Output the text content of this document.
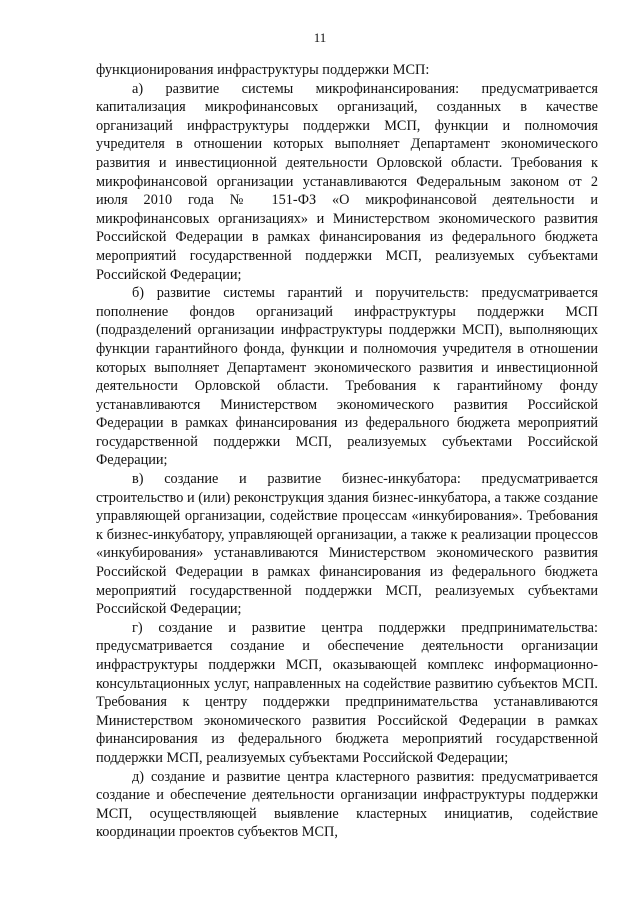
11

функционирования инфраструктуры поддержки МСП:

а) развитие системы микрофинансирования: предусматривается капитализация микрофинансовых организаций, созданных в качестве организаций инфраструктуры поддержки МСП, функции и полномочия учредителя в отношении которых выполняет Департамент экономического развития и инвестиционной деятельности Орловской области. Требования к микрофинансовой организации устанавливаются Федеральным законом от 2 июля 2010 года № 151-ФЗ «О микрофинансовой деятельности и микрофинансовых организациях» и Министерством экономического развития Российской Федерации в рамках финансирования из федерального бюджета мероприятий государственной поддержки МСП, реализуемых субъектами Российской Федерации;

б) развитие системы гарантий и поручительств: предусматривается пополнение фондов организаций инфраструктуры поддержки МСП (подразделений организации инфраструктуры поддержки МСП), выполняющих функции гарантийного фонда, функции и полномочия учредителя в отношении которых выполняет Департамент экономического развития и инвестиционной деятельности Орловской области. Требования к гарантийному фонду устанавливаются Министерством экономического развития Российской Федерации в рамках финансирования из федерального бюджета мероприятий государственной поддержки МСП, реализуемых субъектами Российской Федерации;

в) создание и развитие бизнес-инкубатора: предусматривается строительство и (или) реконструкция здания бизнес-инкубатора, а также создание управляющей организации, содействие процессам «инкубирования». Требования к бизнес-инкубатору, управляющей организации, а также к реализации процессов «инкубирования» устанавливаются Министерством экономического развития Российской Федерации в рамках финансирования из федерального бюджета мероприятий государственной поддержки МСП, реализуемых субъектами Российской Федерации;

г) создание и развитие центра поддержки предпринимательства: предусматривается создание и обеспечение деятельности организации инфраструктуры поддержки МСП, оказывающей комплекс информационно-консультационных услуг, направленных на содействие развитию субъектов МСП. Требования к центру поддержки предпринимательства устанавливаются Министерством экономического развития Российской Федерации в рамках финансирования из федерального бюджета мероприятий государственной поддержки МСП, реализуемых субъектами Российской Федерации;

д) создание и развитие центра кластерного развития: предусматривается создание и обеспечение деятельности организации инфраструктуры поддержки МСП, осуществляющей выявление кластерных инициатив, содействие координации проектов субъектов МСП,
